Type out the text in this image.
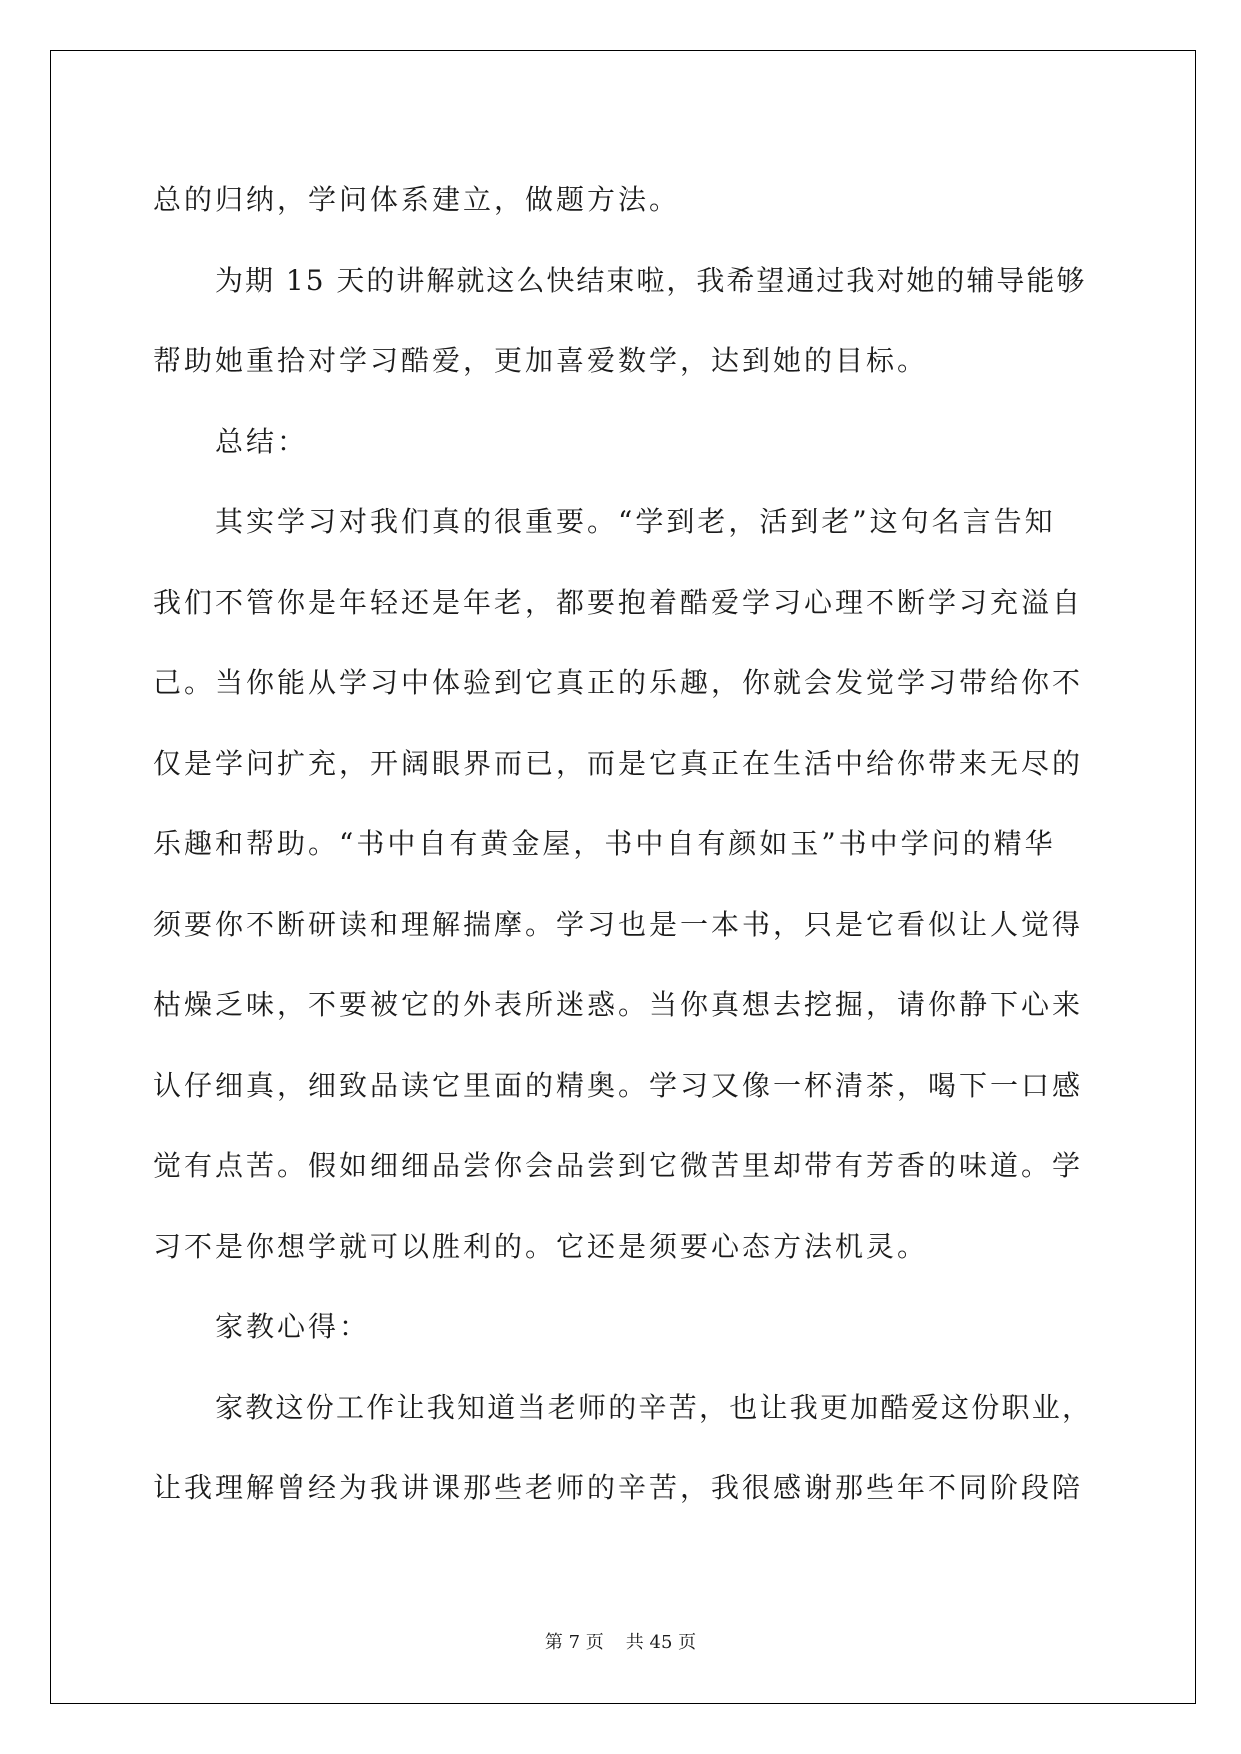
总的归纳，学问体系建立，做题方法。

为期 15 天的讲解就这么快结束啦，我希望通过我对她的辅导能够

帮助她重拾对学习酷爱，更加喜爱数学，达到她的目标。

总结：

其实学习对我们真的很重要。“学到老，活到老”这句名言告知

我们不管你是年轻还是年老，都要抱着酷爱学习心理不断学习充溢自

己。当你能从学习中体验到它真正的乐趣，你就会发觉学习带给你不

仅是学问扩充，开阔眼界而已，而是它真正在生活中给你带来无尽的

乐趣和帮助。“书中自有黄金屋，书中自有颜如玉”书中学问的精华

须要你不断研读和理解揣摩。学习也是一本书，只是它看似让人觉得

枯燥乏味，不要被它的外表所迷惑。当你真想去挖掘，请你静下心来

认仔细真，细致品读它里面的精奥。学习又像一杯清茶，喝下一口感

觉有点苦。假如细细品尝你会品尝到它微苦里却带有芳香的味道。学

习不是你想学就可以胜利的。它还是须要心态方法机灵。

家教心得：

家教这份工作让我知道当老师的辛苦，也让我更加酷爱这份职业，

让我理解曾经为我讲课那些老师的辛苦，我很感谢那些年不同阶段陪

第 7 页 共 45 页
